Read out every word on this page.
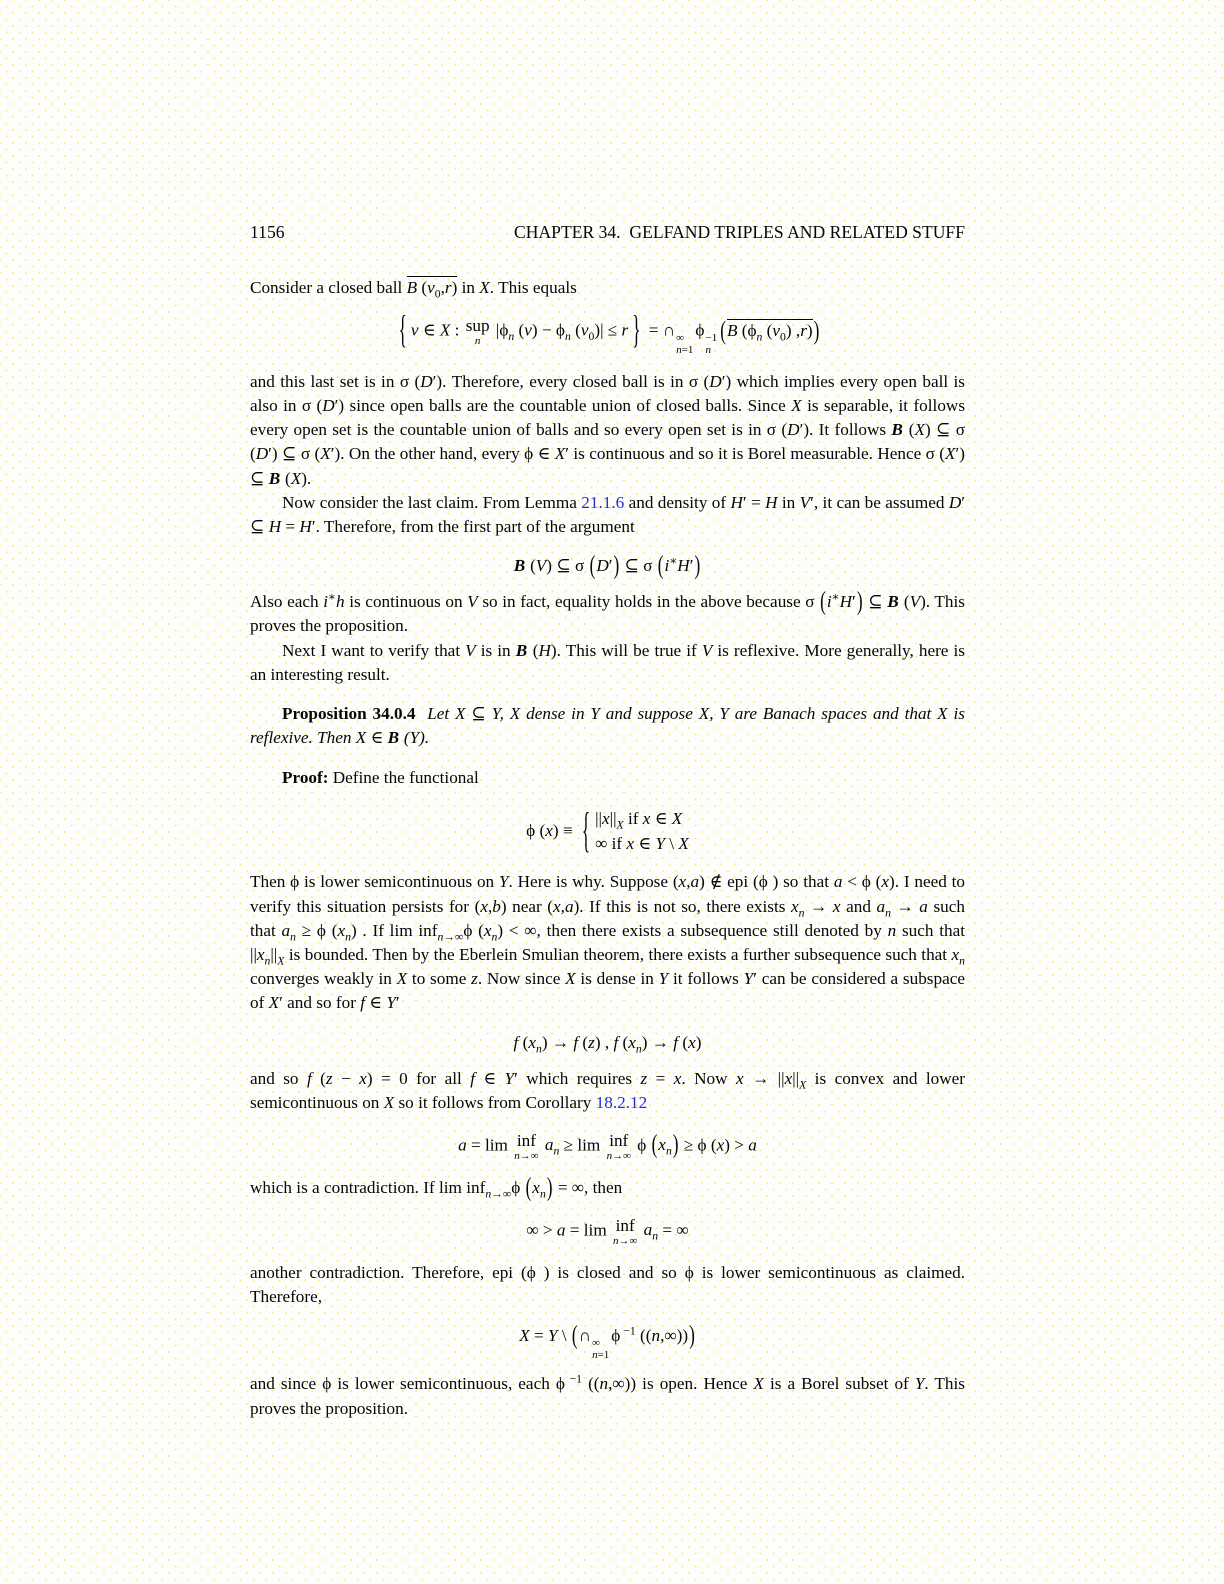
1156	CHAPTER 34.  GELFAND TRIPLES AND RELATED STUFF

Consider a closed ball B $(v_0,r)$ in X. This equals

{ v ∈ X : sup
n
$|\phi_n$ $(v) - \phi_n$ $(v_0)| \le r$ } = ∩ ∞
n=1
ϕ −1
n
(B ($\phi_n$ $(v_0)$ ,r))

and this last set is in σ (D′). Therefore, every closed ball is in σ (D′) which implies every open ball is also in σ (D′) since open balls are the countable union of closed balls. Since X is separable, it follows every open set is the countable union of balls and so every open set is in σ (D′). It follows B (X) ⊆ σ (D′) ⊆ σ (X′). On the other hand, every ϕ ∈ X′ is continuous and so it is Borel measurable. Hence σ (X′) ⊆ B (X).

Now consider the last claim. From Lemma 21.1.6 and density of H′ = H in V′, it can be assumed D′ ⊆ H = H′. Therefore, from the first part of the argument

B (V) ⊆ σ (D′) ⊆ σ (i∗H′)

Also each i∗h is continuous on V so in fact, equality holds in the above because σ (i∗H′) ⊆ B (V). This proves the proposition.

Next I want to verify that V is in B (H). This will be true if V is reflexive. More generally, here is an interesting result.

Proposition 34.0.4 Let X ⊆ Y, X dense in Y and suppose X, Y are Banach spaces and that X is reflexive. Then X ∈ B (Y).

Proof: Define the functional

ϕ (x) ≡ { $||x||_X$ if x ∈ X
∞ if x ∈ Y \ X

Then ϕ is lower semicontinuous on Y. Here is why. Suppose (x,a) ∉ epi (ϕ ) so that a < ϕ (x). I need to verify this situation persists for (x,b) near (x,a). If this is not so, there exists $x_n \to x$ and $a_n \to a$ such that $a_n \ge \phi$ $(x_n)$ . If lim inf$_{n\to\infty}$ϕ $(x_n)$ < ∞, then there exists a subsequence still denoted by n such that $||x_n||_X$ is bounded. Then by the Eberlein Smulian theorem, there exists a further subsequence such that $x_n$ converges weakly in X to some z. Now since X is dense in Y it follows Y′ can be considered a subspace of X′ and so for f ∈ Y′

f $(x_n) \to f$ (z) , f $(x_n) \to f$ (x)

and so f (z − x) = 0 for all f ∈ Y′ which requires z = x. Now $x \to ||x||_X$ is convex and lower semicontinuous on X so it follows from Corollary 18.2.12

a = lim inf
n→∞
$a_n \ge \lim$ inf
n→∞
ϕ $(x_n) \ge \phi$ (x) > a

which is a contradiction. If lim inf$_{n\to\infty}$ϕ $(x_n)$ = ∞, then

∞ > a = lim inf
n→∞
$a_n$ = ∞

another contradiction. Therefore, epi (ϕ ) is closed and so ϕ is lower semicontinuous as claimed. Therefore,

X = Y \ (∩ ∞
n=1
ϕ $^{-1}$ ((n,∞)))

and since ϕ is lower semicontinuous, each ϕ $^{-1}$ ((n,∞)) is open. Hence X is a Borel subset of Y. This proves the proposition.
